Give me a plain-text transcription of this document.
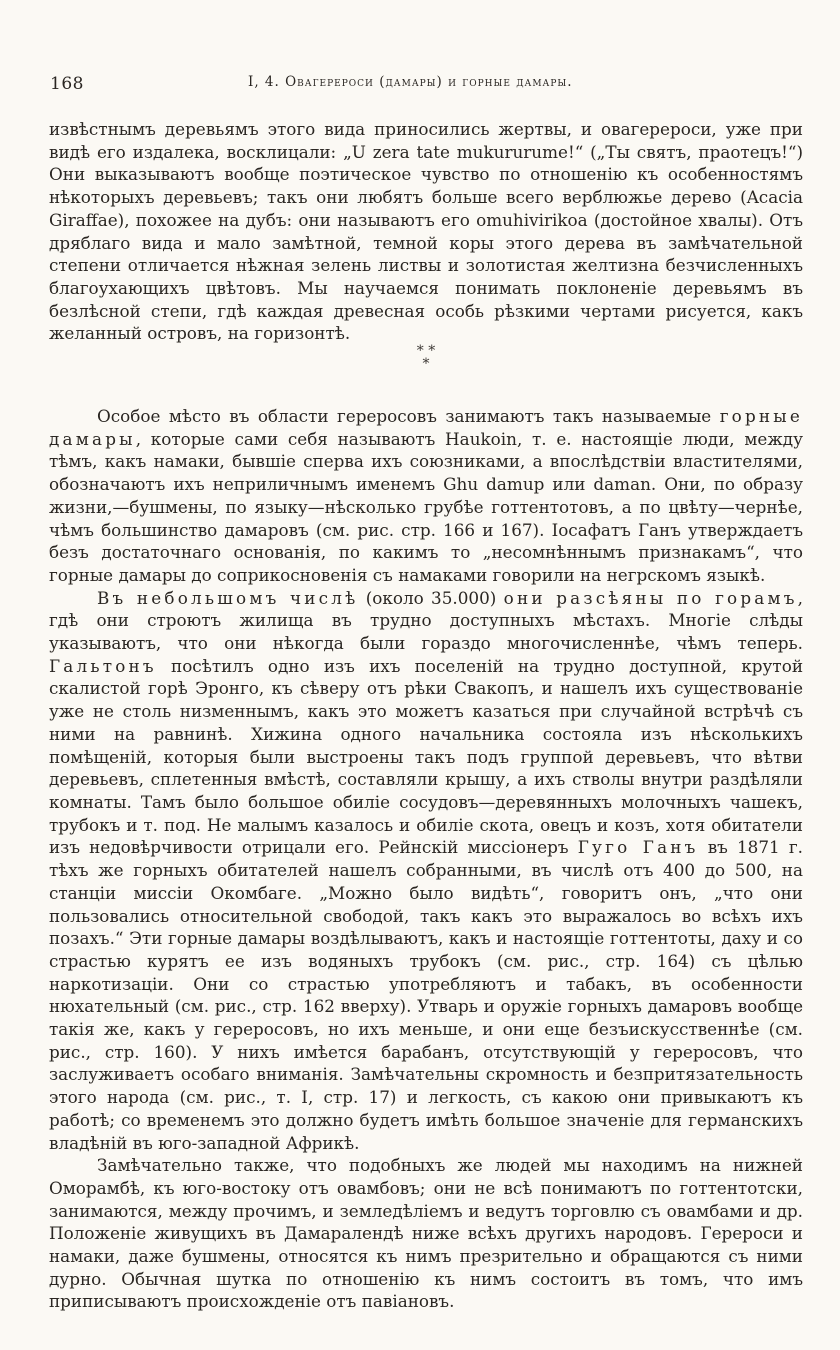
168	I, 4. Овагерероси (дамары) и горные дамары.

извѣстнымъ деревьямъ этого вида приносились жертвы, и овагерероси, уже при видѣ его издалека, восклицали: „U zera tate mukururume!“ („Ты святъ, праотецъ!“) Они выказываютъ вообще поэтическое чувство по отношенію къ особенностямъ нѣкоторыхъ деревьевъ; такъ они любятъ больше всего верблюжье дерево (Acacia Giraffae), похожее на дубъ: они называютъ его omuhivirikoa (достойное хвалы). Отъ дряблаго вида и мало замѣтной, темной коры этого дерева въ замѣчательной степени отличается нѣжная зелень листвы и золотистая желтизна безчисленныхъ благоухающихъ цвѣтовъ. Мы научаемся понимать поклоненіе деревьямъ въ безлѣсной степи, гдѣ каждая древесная особь рѣзкими чертами рисуется, какъ желанный островъ, на горизонтѣ.

* *
*

Особое мѣсто въ области гереросовъ занимаютъ такъ называемые горные дамары, которые сами себя называютъ Haukoin, т. е. настоящіе люди, между тѣмъ, какъ намаки, бывшіе сперва ихъ союзниками, а впослѣдствіи властителями, обозначаютъ ихъ неприличнымъ именемъ Ghu damup или daman. Они, по образу жизни,—бушмены, по языку—нѣсколько грубѣе готтентотовъ, а по цвѣту—чернѣе, чѣмъ большинство дамаровъ (см. рис. стр. 166 и 167). Іосафатъ Ганъ утверждаетъ безъ достаточнаго основанія, по какимъ то „несомнѣннымъ признакамъ“, что горные дамары до соприкосновенія съ намаками говорили на негрскомъ языкѣ.

Въ небольшомъ числѣ (около 35.000) они разсѣяны по горамъ, гдѣ они строютъ жилища въ трудно доступныхъ мѣстахъ. Многіе слѣды указываютъ, что они нѣкогда были гораздо многочисленнѣе, чѣмъ теперь. Гальтонъ посѣтилъ одно изъ ихъ поселеній на трудно доступной, крутой скалистой горѣ Эронго, къ сѣверу отъ рѣки Свакопъ, и нашелъ ихъ существованіе уже не столь низменнымъ, какъ это можетъ казаться при случайной встрѣчѣ съ ними на равнинѣ. Хижина одного начальника состояла изъ нѣсколькихъ помѣщеній, которыя были выстроены такъ подъ группой деревьевъ, что вѣтви деревьевъ, сплетенныя вмѣстѣ, составляли крышу, а ихъ стволы внутри раздѣляли комнаты. Тамъ было большое обиліе сосудовъ—деревянныхъ молочныхъ чашекъ, трубокъ и т. под. Не малымъ казалось и обиліе скота, овецъ и козъ, хотя обитатели изъ недовѣрчивости отрицали его. Рейнскій миссіонеръ Гуго Ганъ въ 1871 г. тѣхъ же горныхъ обитателей нашелъ собранными, въ числѣ отъ 400 до 500, на станціи миссіи Окомбаге. „Можно было видѣть“, говоритъ онъ, „что они пользовались относительной свободой, такъ какъ это выражалось во всѣхъ ихъ позахъ.“ Эти горные дамары воздѣлываютъ, какъ и настоящіе готтентоты, даху и со страстью курятъ ее изъ водяныхъ трубокъ (см. рис., стр. 164) съ цѣлью наркотизаціи. Они со страстью употребляютъ и табакъ, въ особенности нюхательный (см. рис., стр. 162 вверху). Утварь и оружіе горныхъ дамаровъ вообще такія же, какъ у гереросовъ, но ихъ меньше, и они еще безъискусственнѣе (см. рис., стр. 160). У нихъ имѣется барабанъ, отсутствующій у гереросовъ, что заслуживаетъ особаго вниманія. Замѣчательны скромность и безпритязательность этого народа (см. рис., т. I, стр. 17) и легкость, съ какою они привыкаютъ къ работѣ; со временемъ это должно будетъ имѣть большое значеніе для германскихъ владѣній въ юго-западной Африкѣ.

Замѣчательно также, что подобныхъ же людей мы находимъ на нижней Оморамбѣ, къ юго-востоку отъ овамбовъ; они не всѣ понимаютъ по готтентотски, занимаются, между прочимъ, и земледѣліемъ и ведутъ торговлю съ овамбами и др. Положеніе живущихъ въ Дамаралендѣ ниже всѣхъ другихъ народовъ. Герероси и намаки, даже бушмены, относятся къ нимъ презрительно и обращаются съ ними дурно. Обычная шутка по отношенію къ нимъ состоитъ въ томъ, что имъ приписываютъ происхожденіе отъ павіановъ.
